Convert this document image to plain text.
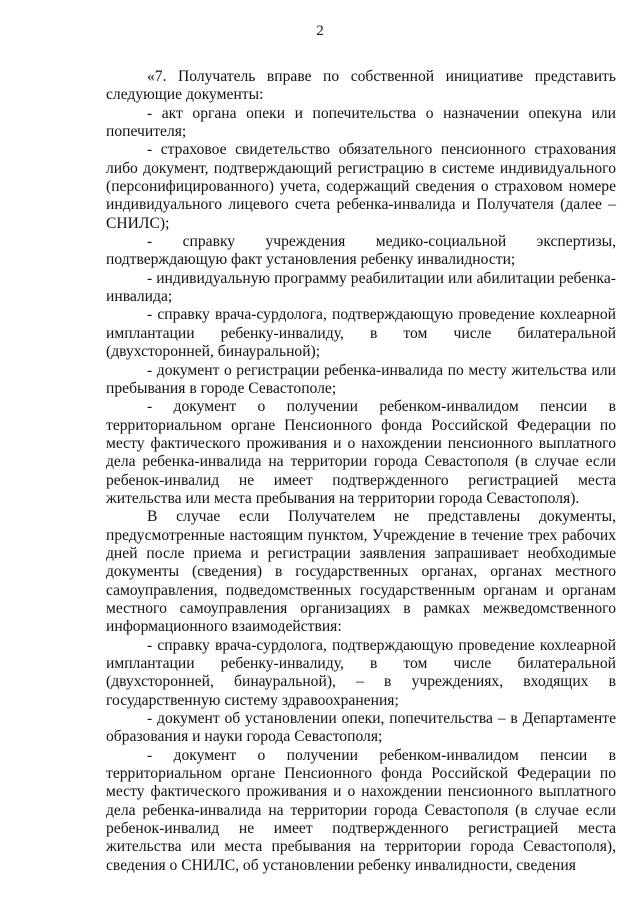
2

«7. Получатель вправе по собственной инициативе представить следующие документы:

- акт органа опеки и попечительства о назначении опекуна или попечителя;

- страховое свидетельство обязательного пенсионного страхования либо документ, подтверждающий регистрацию в системе индивидуального (персонифицированного) учета, содержащий сведения о страховом номере индивидуального лицевого счета ребенка-инвалида и Получателя (далее – СНИЛС);

- справку учреждения медико-социальной экспертизы, подтверждающую факт установления ребенку инвалидности;

- индивидуальную программу реабилитации или абилитации ребенка-инвалида;

- справку врача-сурдолога, подтверждающую проведение кохлеарной имплантации ребенку-инвалиду, в том числе билатеральной (двухсторонней, бинауральной);

- документ о регистрации ребенка-инвалида по месту жительства или пребывания в городе Севастополе;

- документ о получении ребенком-инвалидом пенсии в территориальном органе Пенсионного фонда Российской Федерации по месту фактического проживания и о нахождении пенсионного выплатного дела ребенка-инвалида на территории города Севастополя (в случае если ребенок-инвалид не имеет подтвержденного регистрацией места жительства или места пребывания на территории города Севастополя).

В случае если Получателем не представлены документы, предусмотренные настоящим пунктом, Учреждение в течение трех рабочих дней после приема и регистрации заявления запрашивает необходимые документы (сведения) в государственных органах, органах местного самоуправления, подведомственных государственным органам и органам местного самоуправления организациях в рамках межведомственного информационного взаимодействия:

- справку врача-сурдолога, подтверждающую проведение кохлеарной имплантации ребенку-инвалиду, в том числе билатеральной (двухсторонней, бинауральной), – в учреждениях, входящих в государственную систему здравоохранения;

- документ об установлении опеки, попечительства – в Департаменте образования и науки города Севастополя;

- документ о получении ребенком-инвалидом пенсии в территориальном органе Пенсионного фонда Российской Федерации по месту фактического проживания и о нахождении пенсионного выплатного дела ребенка-инвалида на территории города Севастополя (в случае если ребенок-инвалид не имеет подтвержденного регистрацией места жительства или места пребывания на территории города Севастополя), сведения о СНИЛС, об установлении ребенку инвалидности, сведения
